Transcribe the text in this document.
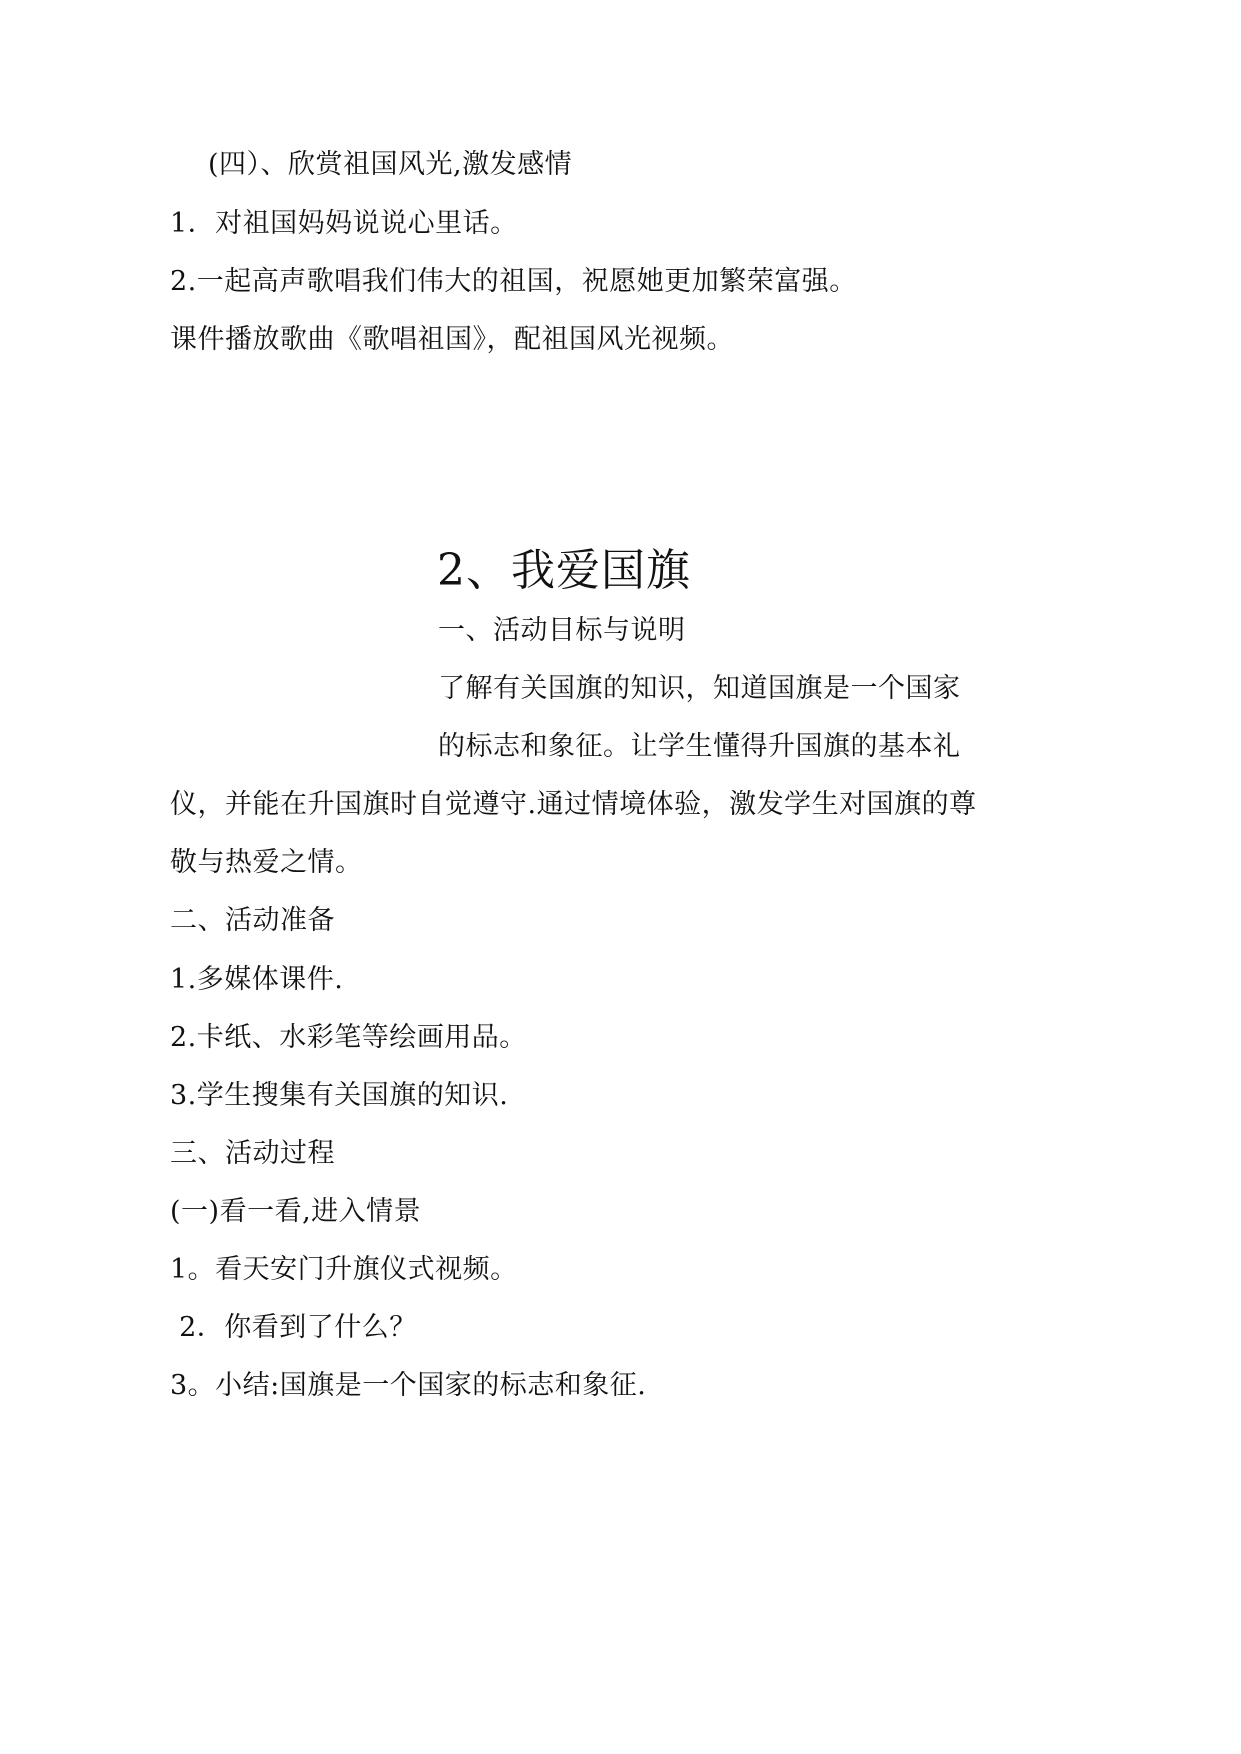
(四）、欣赏祖国风光,激发感情
1．对祖国妈妈说说心里话。
2.一起高声歌唱我们伟大的祖国，祝愿她更加繁荣富强。
课件播放歌曲《歌唱祖国》，配祖国风光视频。
2、我爱国旗
一、活动目标与说明
了解有关国旗的知识，知道国旗是一个国家
的标志和象征。让学生懂得升国旗的基本礼
仪，并能在升国旗时自觉遵守.通过情境体验，激发学生对国旗的尊
敬与热爱之情。
二、活动准备
1.多媒体课件.
2.卡纸、水彩笔等绘画用品。
3.学生搜集有关国旗的知识.
三、活动过程
(一)看一看,进入情景
1。看天安门升旗仪式视频。
2．你看到了什么？
3。小结:国旗是一个国家的标志和象征.
